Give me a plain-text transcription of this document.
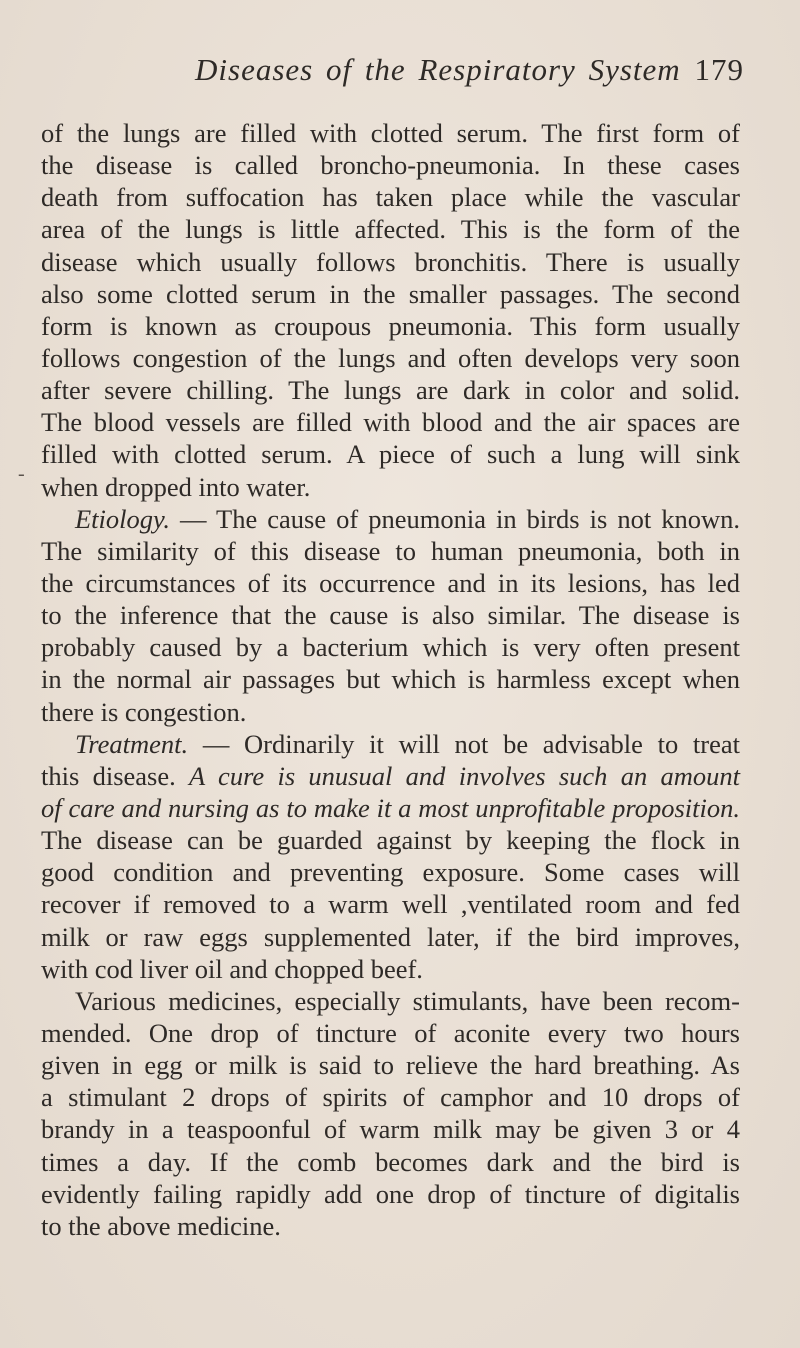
Diseases of the Respiratory System 179
-
of the lungs are filled with clotted serum. The first form of
the disease is called broncho-pneumonia. In these cases
death from suffocation has taken place while the vascular
area of the lungs is little affected. This is the form of the
disease which usually follows bronchitis. There is usually
also some clotted serum in the smaller passages. The second
form is known as croupous pneumonia. This form usually
follows congestion of the lungs and often develops very soon
after severe chilling. The lungs are dark in color and solid.
The blood vessels are filled with blood and the air spaces are
filled with clotted serum. A piece of such a lung will sink
when dropped into water.
Etiology. — The cause of pneumonia in birds is not known.
The similarity of this disease to human pneumonia, both in
the circumstances of its occurrence and in its lesions, has led
to the inference that the cause is also similar. The disease is
probably caused by a bacterium which is very often present
in the normal air passages but which is harmless except when
there is congestion.
Treatment. — Ordinarily it will not be advisable to treat
this disease. A cure is unusual and involves such an amount
of care and nursing as to make it a most unprofitable proposition.
The disease can be guarded against by keeping the flock in
good condition and preventing exposure. Some cases will
recover if removed to a warm well ,ventilated room and fed
milk or raw eggs supplemented later, if the bird improves,
with cod liver oil and chopped beef.
Various medicines, especially stimulants, have been recom-
mended. One drop of tincture of aconite every two hours
given in egg or milk is said to relieve the hard breathing. As
a stimulant 2 drops of spirits of camphor and 10 drops of
brandy in a teaspoonful of warm milk may be given 3 or 4
times a day. If the comb becomes dark and the bird is
evidently failing rapidly add one drop of tincture of digitalis
to the above medicine.
